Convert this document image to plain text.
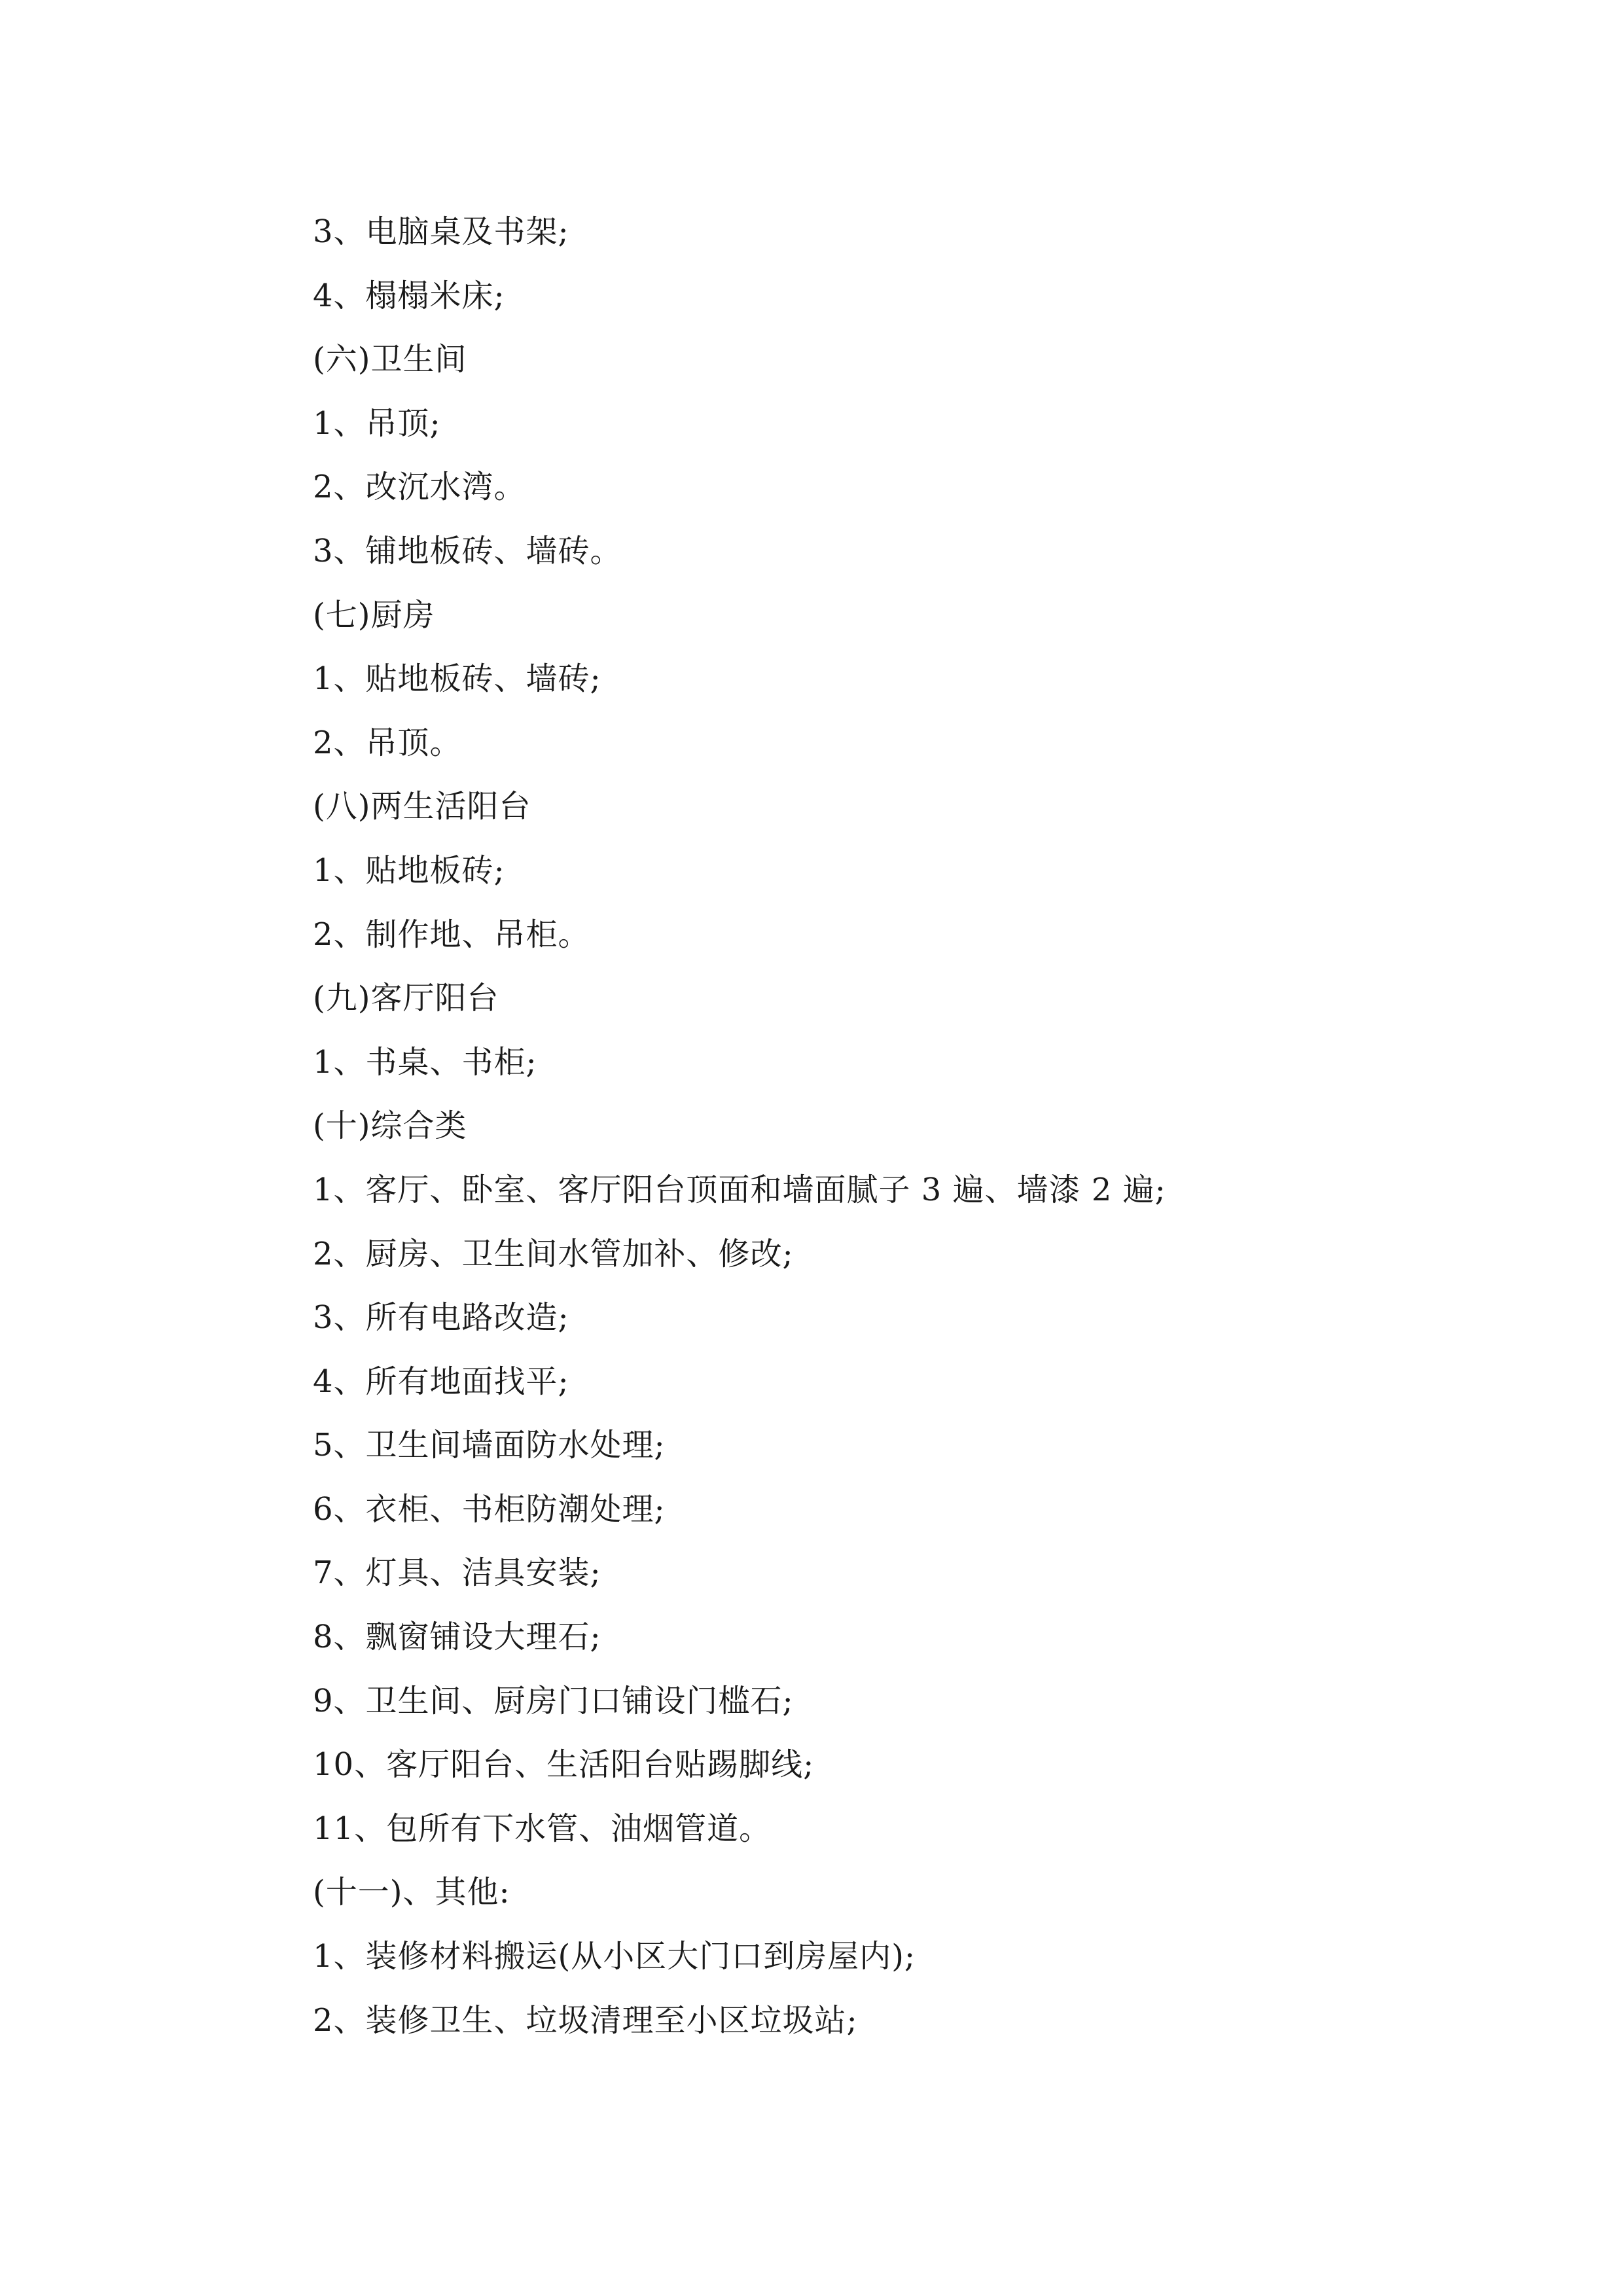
3、电脑桌及书架;
4、榻榻米床;
(六)卫生间
1、吊顶;
2、改沉水湾。
3、铺地板砖、墙砖。
(七)厨房
1、贴地板砖、墙砖;
2、吊顶。
(八)两生活阳台
1、贴地板砖;
2、制作地、吊柜。
(九)客厅阳台
1、书桌、书柜;
(十)综合类
1、客厅、卧室、客厅阳台顶面和墙面腻子 3 遍、墙漆 2 遍;
2、厨房、卫生间水管加补、修改;
3、所有电路改造;
4、所有地面找平;
5、卫生间墙面防水处理;
6、衣柜、书柜防潮处理;
7、灯具、洁具安装;
8、飘窗铺设大理石;
9、卫生间、厨房门口铺设门槛石;
10、客厅阳台、生活阳台贴踢脚线;
11、包所有下水管、油烟管道。
(十一)、其他:
1、装修材料搬运(从小区大门口到房屋内);
2、装修卫生、垃圾清理至小区垃圾站;
